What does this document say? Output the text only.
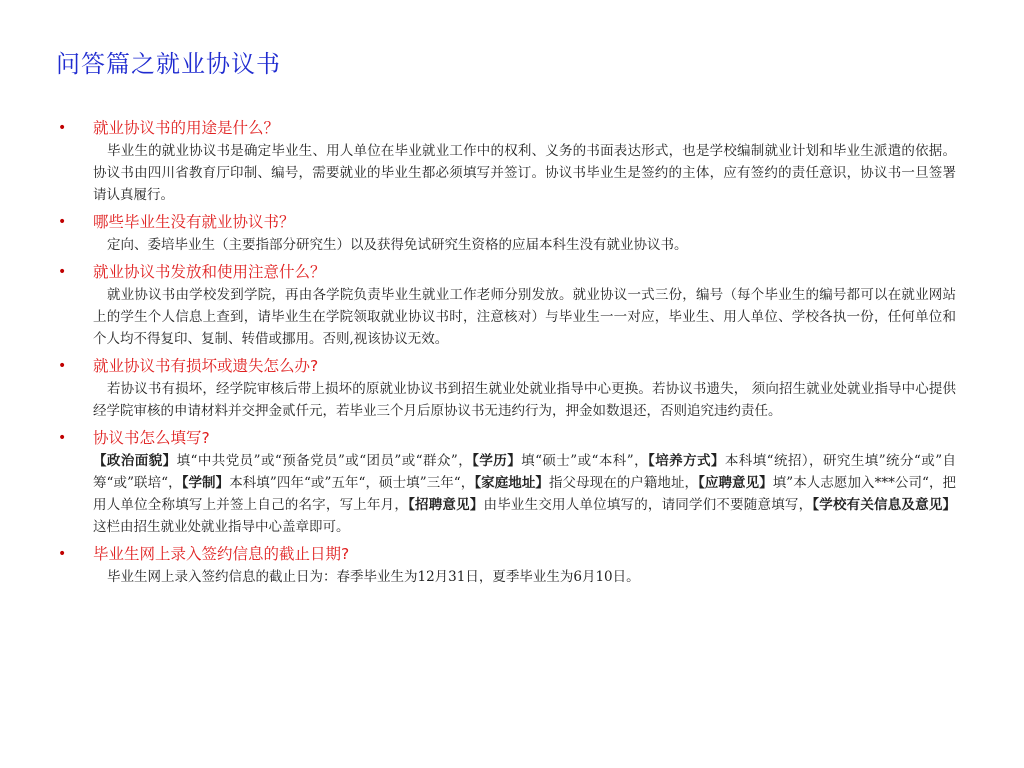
问答篇之就业协议书
•	就业协议书的用途是什么？
毕业生的就业协议书是确定毕业生、用人单位在毕业就业工作中的权利、义务的书面表达形式，也是学校编制就业计划和毕业生派遣的依据。协议书由四川省教育厅印制、编号，需要就业的毕业生都必须填写并签订。协议书毕业生是签约的主体，应有签约的责任意识，协议书一旦签署请认真履行。
•	哪些毕业生没有就业协议书？
定向、委培毕业生（主要指部分研究生）以及获得免试研究生资格的应届本科生没有就业协议书。
•	就业协议书发放和使用注意什么？
就业协议书由学校发到学院，再由各学院负责毕业生就业工作老师分别发放。就业协议一式三份，编号（每个毕业生的编号都可以在就业网站上的学生个人信息上查到，请毕业生在学院领取就业协议书时，注意核对）与毕业生一一对应，毕业生、用人单位、学校各执一份，任何单位和个人均不得复印、复制、转借或挪用。否则,视该协议无效。
•	就业协议书有损坏或遗失怎么办?
若协议书有损坏，经学院审核后带上损坏的原就业协议书到招生就业处就业指导中心更换。若协议书遗失， 须向招生就业处就业指导中心提供经学院审核的申请材料并交押金贰仟元，若毕业三个月后原协议书无违约行为，押金如数退还，否则追究违约责任。
•	协议书怎么填写?
【政治面貌】填“中共党员”或“预备党员”或“团员”或“群众”，【学历】填“硕士”或“本科”，【培养方式】本科填“统招），研究生填”统分“或”自筹“或”联培“，【学制】本科填”四年“或”五年“，硕士填”三年“，【家庭地址】指父母现在的户籍地址，【应聘意见】填”本人志愿加入***公司“，把用人单位全称填写上并签上自己的名字，写上年月，【招聘意见】由毕业生交用人单位填写的，请同学们不要随意填写，【学校有关信息及意见】这栏由招生就业处就业指导中心盖章即可。
•	毕业生网上录入签约信息的截止日期?
毕业生网上录入签约信息的截止日为：春季毕业生为12月31日，夏季毕业生为6月10日。
